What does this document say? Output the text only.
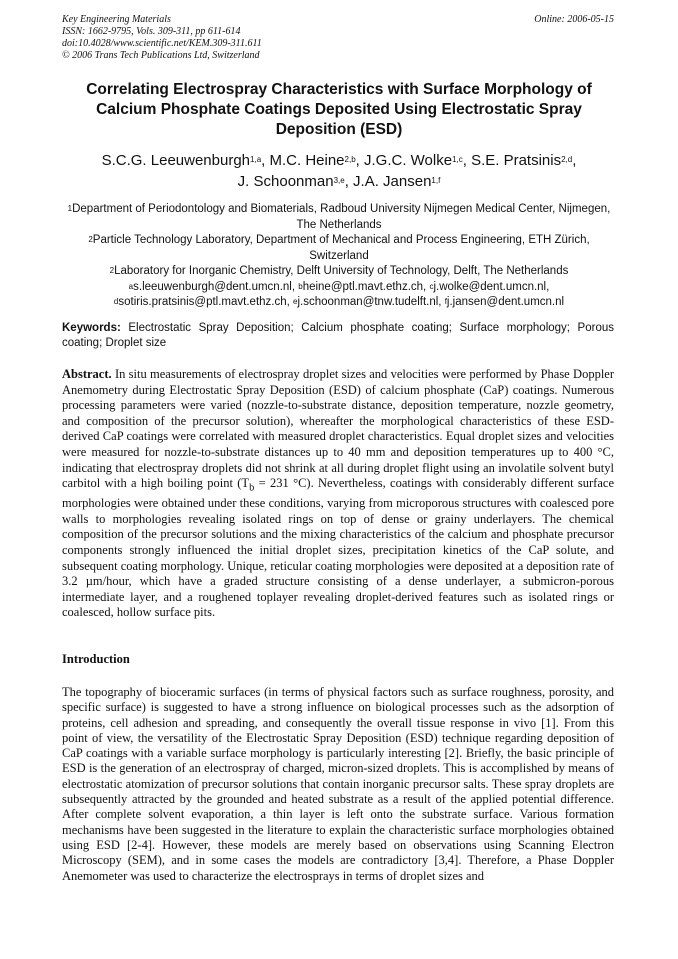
Key Engineering Materials
ISSN: 1662-9795, Vols. 309-311, pp 611-614
doi:10.4028/www.scientific.net/KEM.309-311.611
© 2006 Trans Tech Publications Ltd, Switzerland
Online: 2006-05-15
Correlating Electrospray Characteristics with Surface Morphology of Calcium Phosphate Coatings Deposited Using Electrostatic Spray Deposition (ESD)
S.C.G. Leeuwenburgh$^{1,a}$, M.C. Heine$^{2,b}$, J.G.C. Wolke$^{1,c}$, S.E. Pratsinis$^{2,d}$,
J. Schoonman$^{3,e}$, J.A. Jansen$^{1,f}$
$^1$Department of Periodontology and Biomaterials, Radboud University Nijmegen Medical Center, Nijmegen, The Netherlands
$^2$Particle Technology Laboratory, Department of Mechanical and Process Engineering, ETH Zürich, Switzerland
$^2$Laboratory for Inorganic Chemistry, Delft University of Technology, Delft, The Netherlands
$^a$s.leeuwenburgh@dent.umcn.nl, $^b$heine@ptl.mavt.ethz.ch, $^c$j.wolke@dent.umcn.nl,
$^d$sotiris.pratsinis@ptl.mavt.ethz.ch, $^e$j.schoonman@tnw.tudelft.nl, $^f$j.jansen@dent.umcn.nl
Keywords: Electrostatic Spray Deposition; Calcium phosphate coating; Surface morphology; Porous coating; Droplet size
Abstract. In situ measurements of electrospray droplet sizes and velocities were performed by Phase Doppler Anemometry during Electrostatic Spray Deposition (ESD) of calcium phosphate (CaP) coatings. Numerous processing parameters were varied (nozzle-to-substrate distance, deposition temperature, nozzle geometry, and composition of the precursor solution), whereafter the morphological characteristics of these ESD-derived CaP coatings were correlated with measured droplet characteristics. Equal droplet sizes and velocities were measured for nozzle-to-substrate distances up to 40 mm and deposition temperatures up to 400 °C, indicating that electrospray droplets did not shrink at all during droplet flight using an involatile solvent butyl carbitol with a high boiling point ($T_b = 231$ °C). Nevertheless, coatings with considerably different surface morphologies were obtained under these conditions, varying from microporous structures with coalesced pore walls to morphologies revealing isolated rings on top of dense or grainy underlayers. The chemical composition of the precursor solutions and the mixing characteristics of the calcium and phosphate precursor components strongly influenced the initial droplet sizes, precipitation kinetics of the CaP solute, and subsequent coating morphology. Unique, reticular coating morphologies were deposited at a deposition rate of 3.2 µm/hour, which have a graded structure consisting of a dense underlayer, a submicron-porous intermediate layer, and a roughened toplayer revealing droplet-derived features such as isolated rings or coalesced, hollow surface pits.
Introduction
The topography of bioceramic surfaces (in terms of physical factors such as surface roughness, porosity, and specific surface) is suggested to have a strong influence on biological processes such as the adsorption of proteins, cell adhesion and spreading, and consequently the overall tissue response in vivo [1]. From this point of view, the versatility of the Electrostatic Spray Deposition (ESD) technique regarding deposition of CaP coatings with a variable surface morphology is particularly interesting [2]. Briefly, the basic principle of ESD is the generation of an electrospray of charged, micron-sized droplets. This is accomplished by means of electrostatic atomization of precursor solutions that contain inorganic precursor salts. These spray droplets are subsequently attracted by the grounded and heated substrate as a result of the applied potential difference. After complete solvent evaporation, a thin layer is left onto the substrate surface. Various formation mechanisms have been suggested in the literature to explain the characteristic surface morphologies obtained using ESD [2-4]. However, these models are merely based on observations using Scanning Electron Microscopy (SEM), and in some cases the models are contradictory [3,4]. Therefore, a Phase Doppler Anemometer was used to characterize the electrosprays in terms of droplet sizes and
